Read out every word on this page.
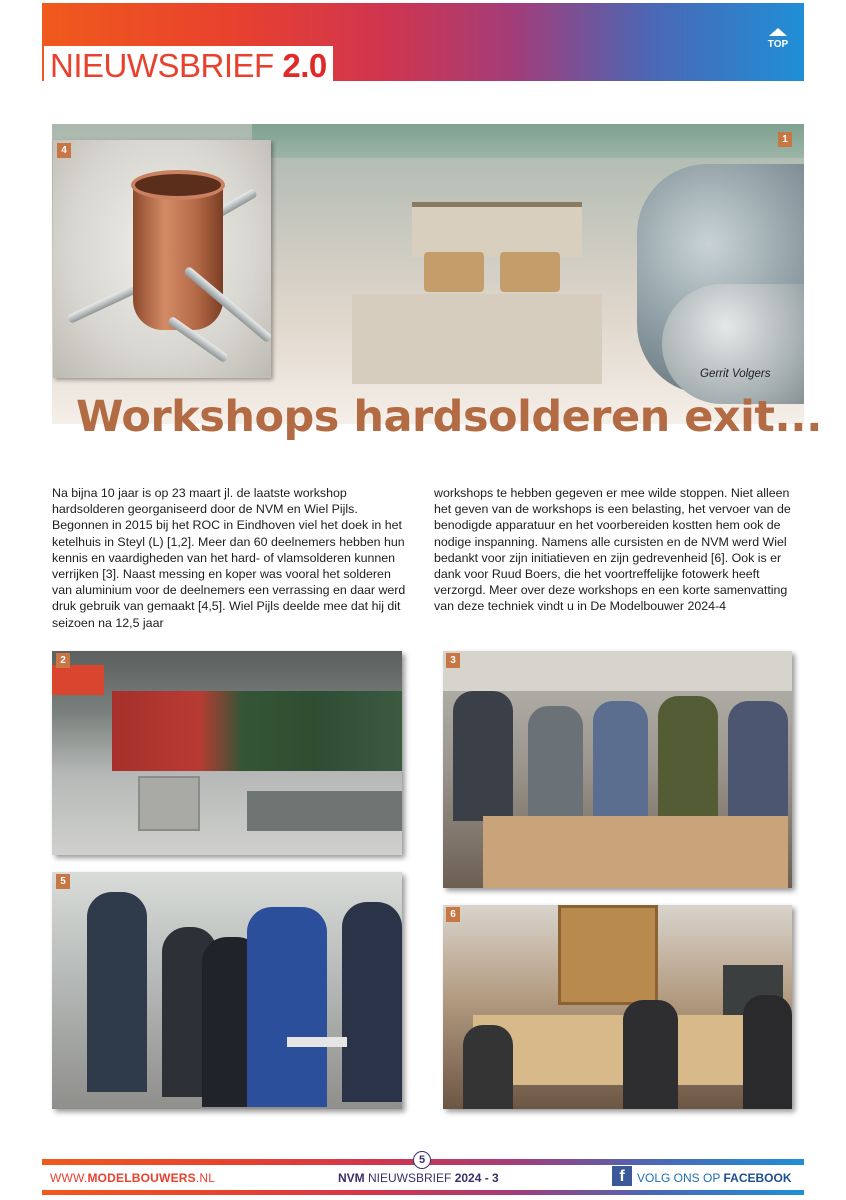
NIEUWSBRIEF 2.0
TOP
1
Gerrit Volgers
4
Workshops hardsolderen exit...
Na bijna 10 jaar is op 23 maart jl. de laatste workshop hardsolderen georganiseerd door de NVM en Wiel Pijls. Begonnen in 2015 bij het ROC in Eindhoven viel het doek in het ketelhuis in Steyl (L) [1,2]. Meer dan 60 deelnemers hebben hun kennis en vaardigheden van het hard- of vlamsolderen kunnen verrijken [3]. Naast messing en koper was vooral het solderen van aluminium voor de deelnemers een verrassing en daar werd druk gebruik van gemaakt [4,5]. Wiel Pijls deelde mee dat hij dit seizoen na 12,5 jaar
workshops te hebben gegeven er mee wilde stoppen. Niet alleen het geven van de workshops is een belasting, het vervoer van de benodigde apparatuur en het voorbereiden kostten hem ook de nodige inspanning. Namens alle cursisten en de NVM werd Wiel bedankt voor zijn initiatieven en zijn gedrevenheid [6]. Ook is er dank voor Ruud Boers, die het voortreffelijke fotowerk heeft verzorgd. Meer over deze workshops en een korte samenvatting van deze techniek vindt u in De Modelbouwer 2024-4
2	3
5
6
5
WWW.MODELBOUWERS.NL	NVM NIEUWSBRIEF 2024 - 3	f	VOLG ONS OP FACEBOOK
